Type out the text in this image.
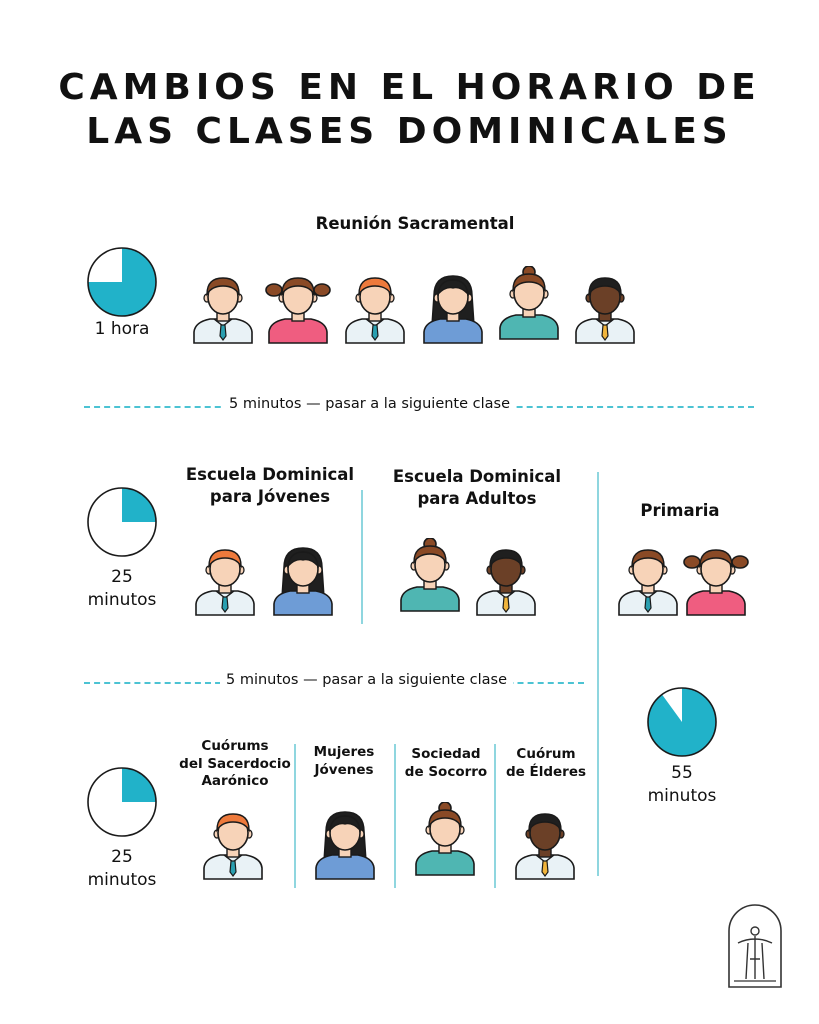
CAMBIOS EN EL HORARIO DE
LAS CLASES DOMINICALES
Reunión Sacramental
1 hora
5 minutos — pasar a la siguiente clase
25
minutos
Escuela Dominical
para Jóvenes
Escuela Dominical
para Adultos
Primaria
55
minutos
5 minutos — pasar a la siguiente clase
25
minutos
Cuórums
del Sacerdocio
Aarónico
Mujeres
Jóvenes
Sociedad
de Socorro
Cuórum
de Élderes
